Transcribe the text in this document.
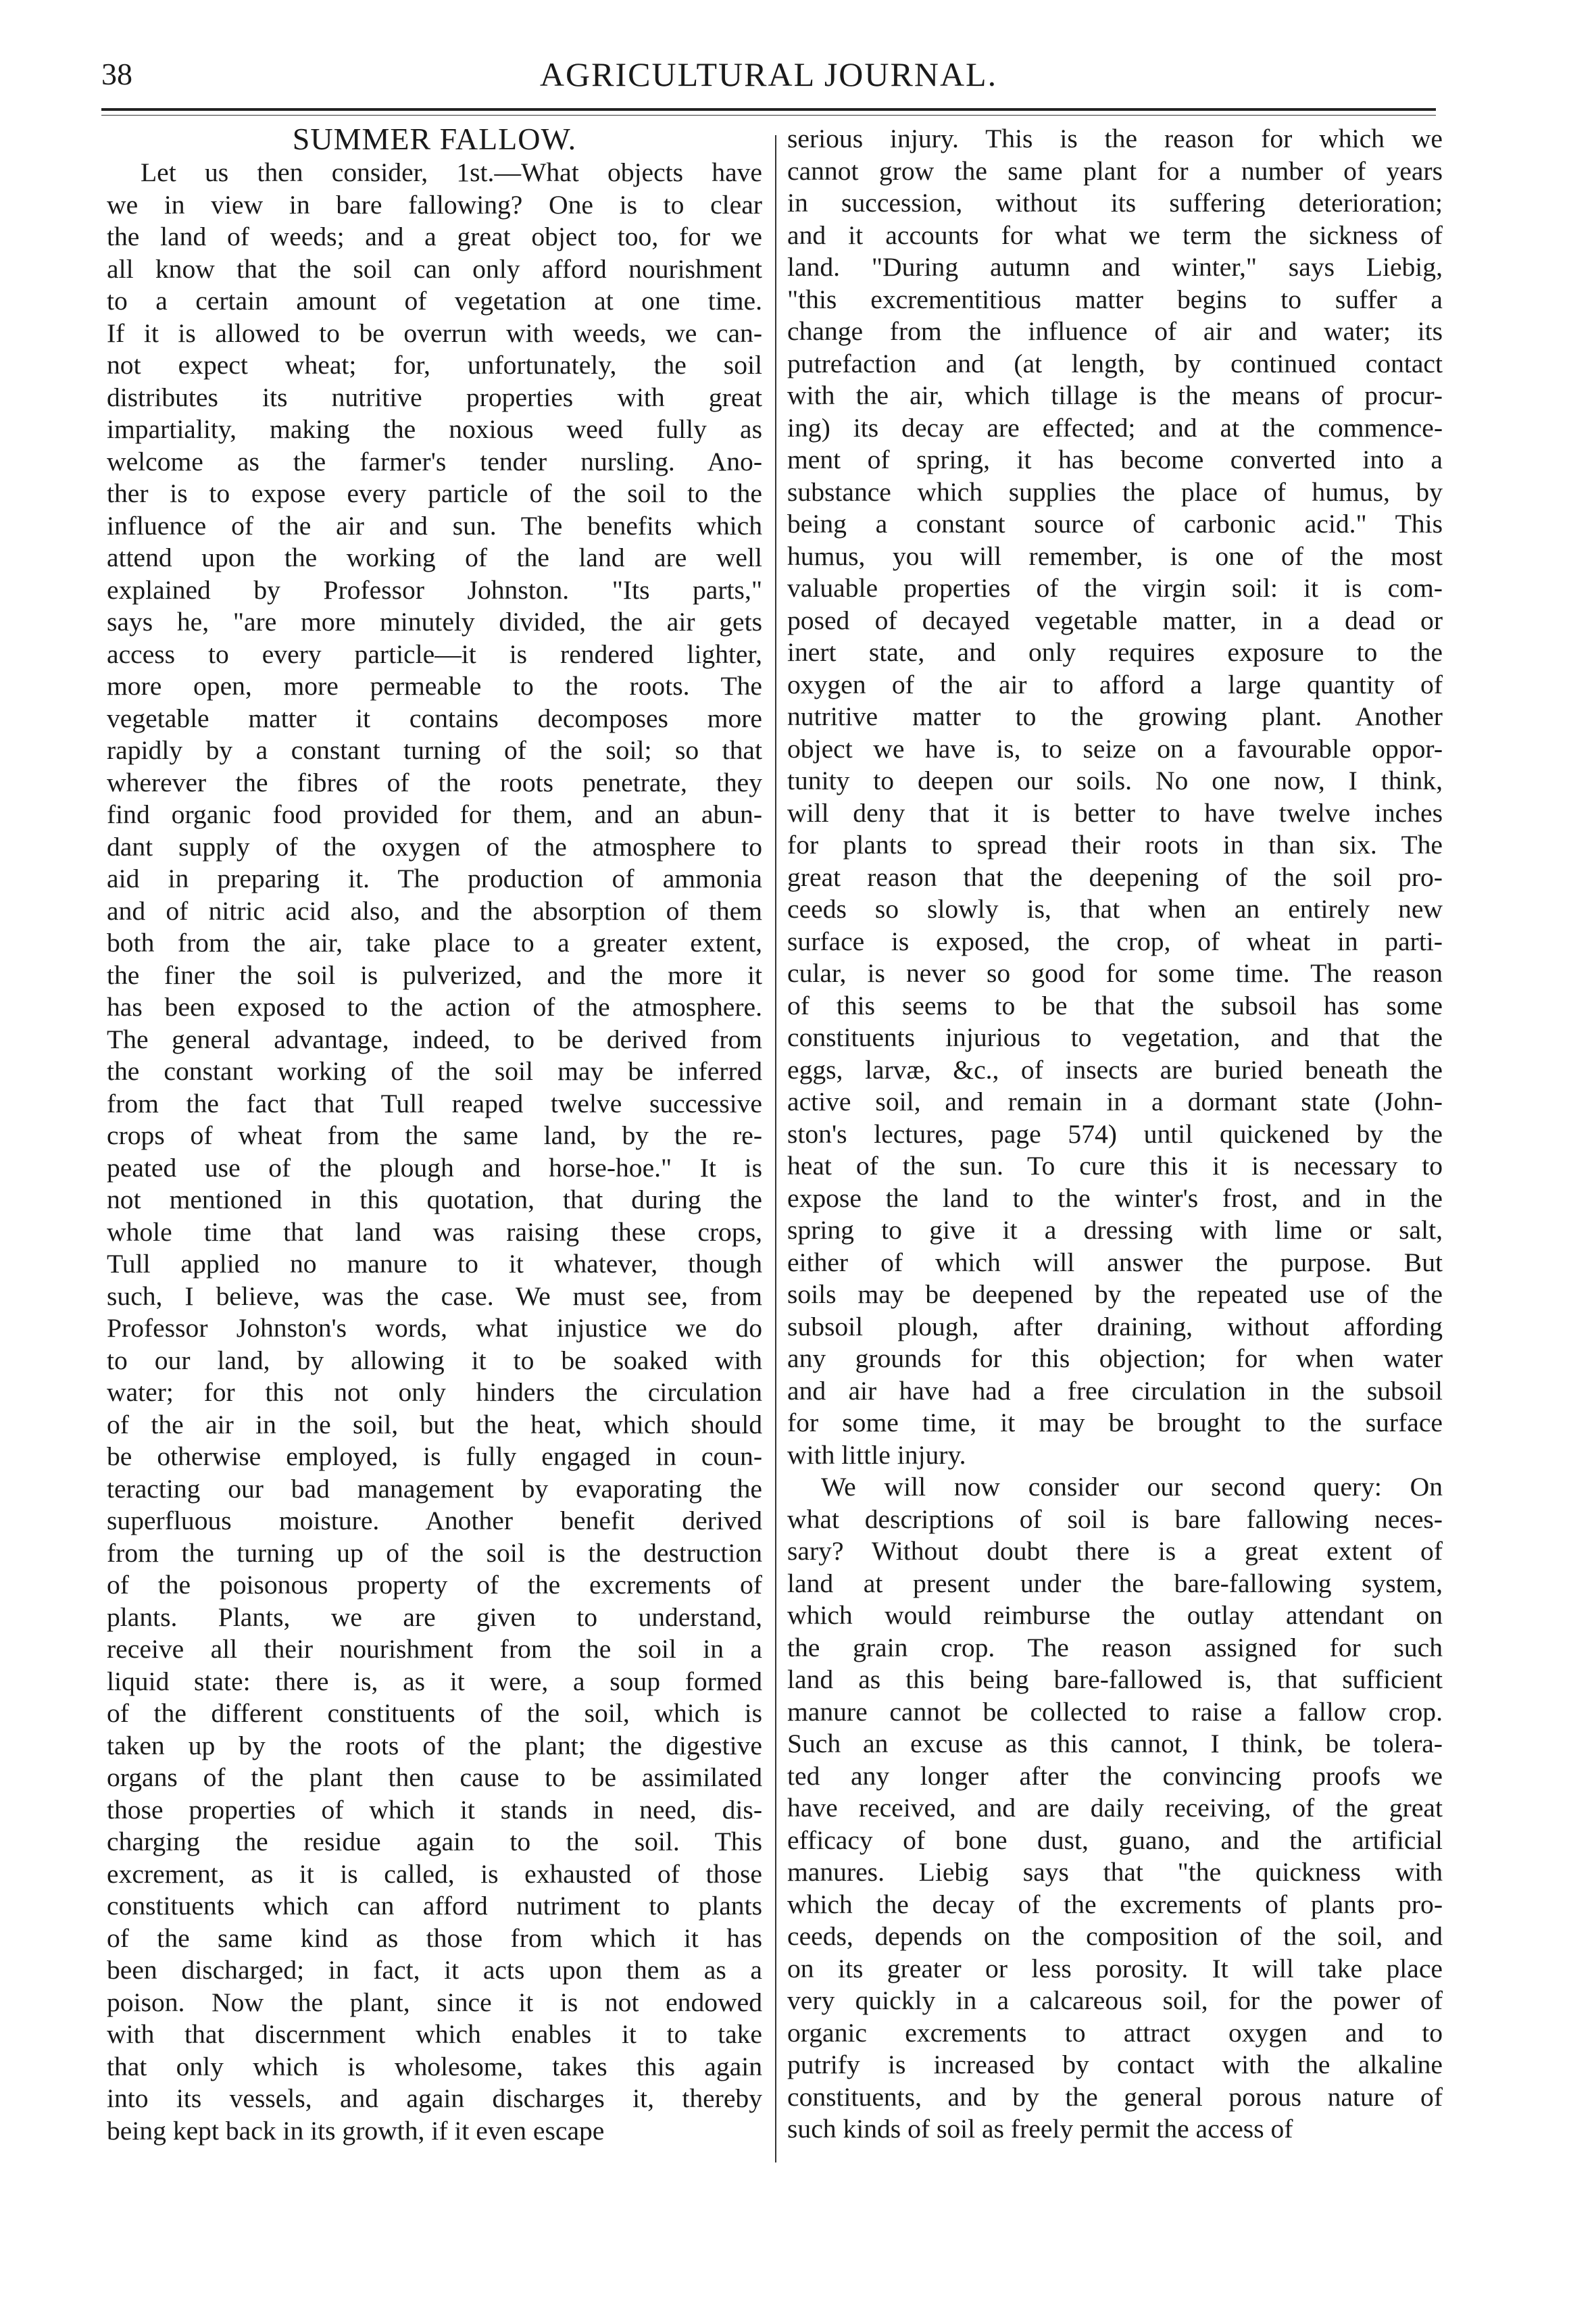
38	AGRICULTURAL JOURNAL.
SUMMER FALLOW.
Let us then consider, 1st.—What objects have
we in view in bare fallowing? One is to clear
the land of weeds; and a great object too, for we
all know that the soil can only afford nourishment
to a certain amount of vegetation at one time.
If it is allowed to be overrun with weeds, we can-
not expect wheat; for, unfortunately, the soil
distributes its nutritive properties with great
impartiality, making the noxious weed fully as
welcome as the farmer's tender nursling. Ano-
ther is to expose every particle of the soil to the
influence of the air and sun. The benefits which
attend upon the working of the land are well
explained by Professor Johnston. "Its parts,"
says he, "are more minutely divided, the air gets
access to every particle—it is rendered lighter,
more open, more permeable to the roots. The
vegetable matter it contains decomposes more
rapidly by a constant turning of the soil; so that
wherever the fibres of the roots penetrate, they
find organic food provided for them, and an abun-
dant supply of the oxygen of the atmosphere to
aid in preparing it. The production of ammonia
and of nitric acid also, and the absorption of them
both from the air, take place to a greater extent,
the finer the soil is pulverized, and the more it
has been exposed to the action of the atmosphere.
The general advantage, indeed, to be derived from
the constant working of the soil may be inferred
from the fact that Tull reaped twelve successive
crops of wheat from the same land, by the re-
peated use of the plough and horse-hoe." It is
not mentioned in this quotation, that during the
whole time that land was raising these crops,
Tull applied no manure to it whatever, though
such, I believe, was the case. We must see, from
Professor Johnston's words, what injustice we do
to our land, by allowing it to be soaked with
water; for this not only hinders the circulation
of the air in the soil, but the heat, which should
be otherwise employed, is fully engaged in coun-
teracting our bad management by evaporating the
superfluous moisture. Another benefit derived
from the turning up of the soil is the destruction
of the poisonous property of the excrements of
plants. Plants, we are given to understand,
receive all their nourishment from the soil in a
liquid state: there is, as it were, a soup formed
of the different constituents of the soil, which is
taken up by the roots of the plant; the digestive
organs of the plant then cause to be assimilated
those properties of which it stands in need, dis-
charging the residue again to the soil. This
excrement, as it is called, is exhausted of those
constituents which can afford nutriment to plants
of the same kind as those from which it has
been discharged; in fact, it acts upon them as a
poison. Now the plant, since it is not endowed
with that discernment which enables it to take
that only which is wholesome, takes this again
into its vessels, and again discharges it, thereby
being kept back in its growth, if it even escape
serious injury. This is the reason for which we
cannot grow the same plant for a number of years
in succession, without its suffering deterioration;
and it accounts for what we term the sickness of
land. "During autumn and winter," says Liebig,
"this excrementitious matter begins to suffer a
change from the influence of air and water; its
putrefaction and (at length, by continued contact
with the air, which tillage is the means of procur-
ing) its decay are effected; and at the commence-
ment of spring, it has become converted into a
substance which supplies the place of humus, by
being a constant source of carbonic acid." This
humus, you will remember, is one of the most
valuable properties of the virgin soil: it is com-
posed of decayed vegetable matter, in a dead or
inert state, and only requires exposure to the
oxygen of the air to afford a large quantity of
nutritive matter to the growing plant. Another
object we have is, to seize on a favourable oppor-
tunity to deepen our soils. No one now, I think,
will deny that it is better to have twelve inches
for plants to spread their roots in than six. The
great reason that the deepening of the soil pro-
ceeds so slowly is, that when an entirely new
surface is exposed, the crop, of wheat in parti-
cular, is never so good for some time. The reason
of this seems to be that the subsoil has some
constituents injurious to vegetation, and that the
eggs, larvæ, &c., of insects are buried beneath the
active soil, and remain in a dormant state (John-
ston's lectures, page 574) until quickened by the
heat of the sun. To cure this it is necessary to
expose the land to the winter's frost, and in the
spring to give it a dressing with lime or salt,
either of which will answer the purpose. But
soils may be deepened by the repeated use of the
subsoil plough, after draining, without affording
any grounds for this objection; for when water
and air have had a free circulation in the subsoil
for some time, it may be brought to the surface
with little injury.
We will now consider our second query: On
what descriptions of soil is bare fallowing neces-
sary? Without doubt there is a great extent of
land at present under the bare-fallowing system,
which would reimburse the outlay attendant on
the grain crop. The reason assigned for such
land as this being bare-fallowed is, that sufficient
manure cannot be collected to raise a fallow crop.
Such an excuse as this cannot, I think, be tolera-
ted any longer after the convincing proofs we
have received, and are daily receiving, of the great
efficacy of bone dust, guano, and the artificial
manures. Liebig says that "the quickness with
which the decay of the excrements of plants pro-
ceeds, depends on the composition of the soil, and
on its greater or less porosity. It will take place
very quickly in a calcareous soil, for the power of
organic excrements to attract oxygen and to
putrify is increased by contact with the alkaline
constituents, and by the general porous nature of
such kinds of soil as freely permit the access of
